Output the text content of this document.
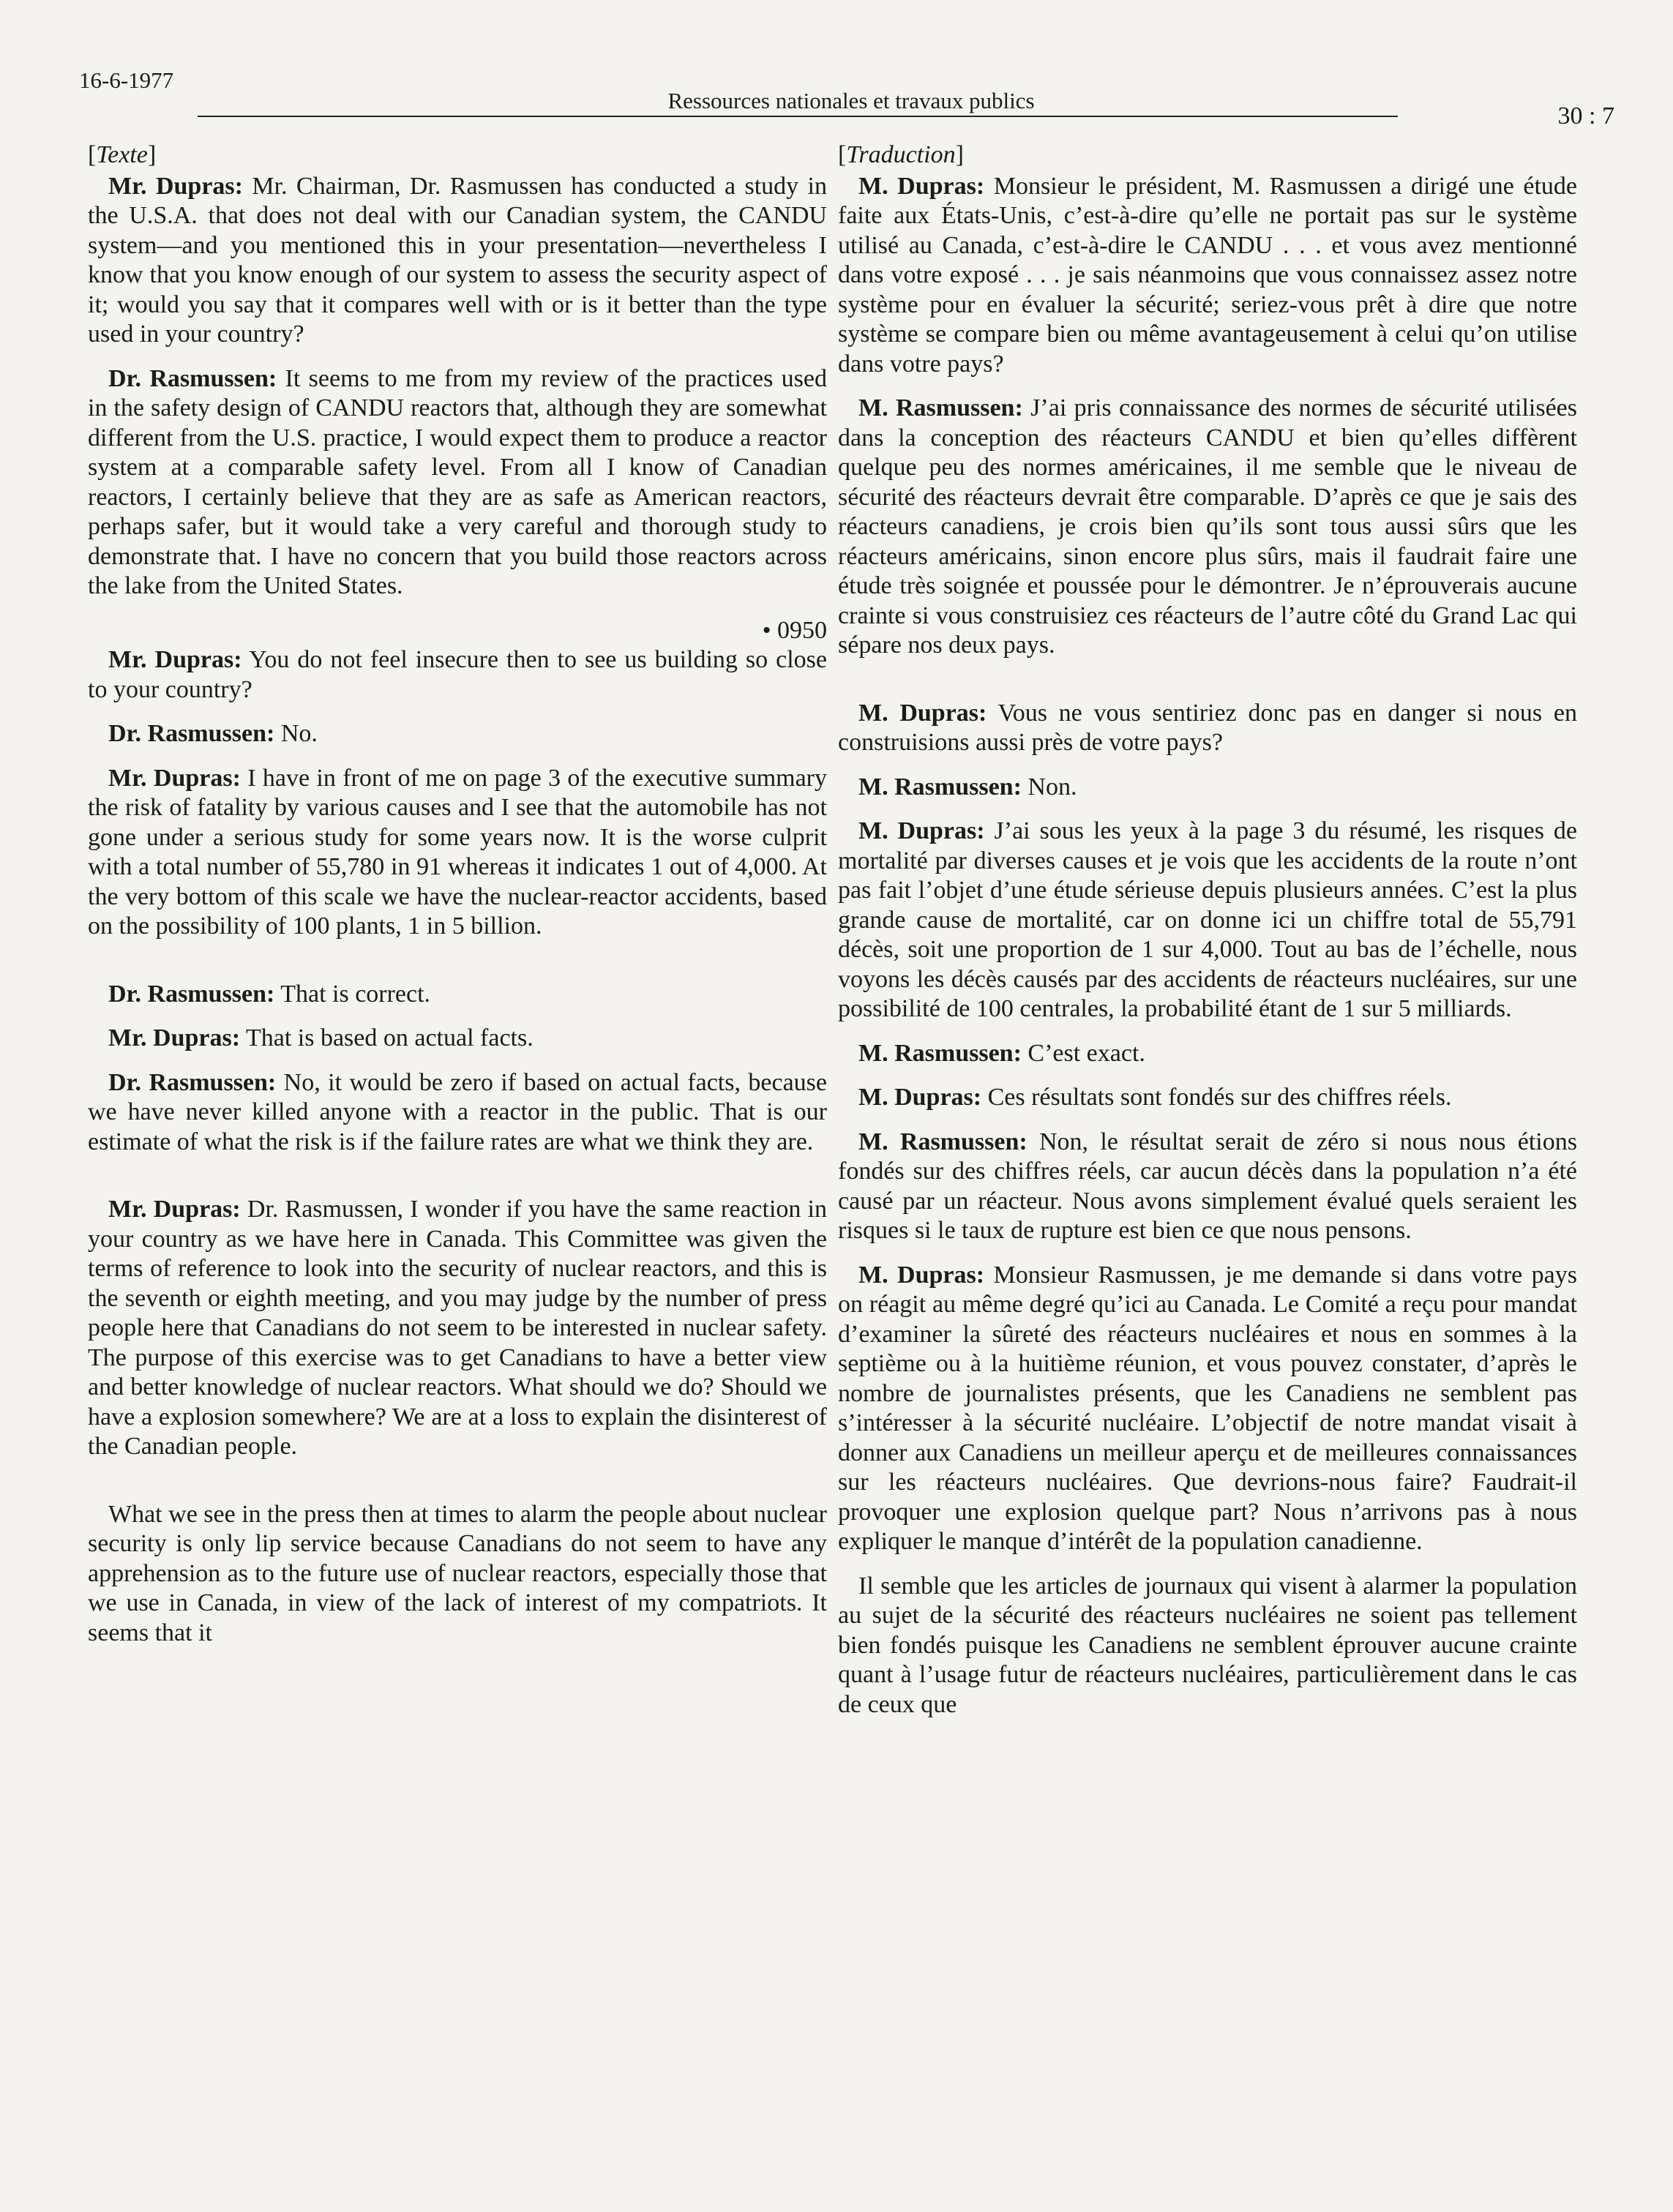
16-6-1977
Ressources nationales et travaux publics
30 : 7

[Texte]

Mr. Dupras: Mr. Chairman, Dr. Rasmussen has conducted a study in the U.S.A. that does not deal with our Canadian system, the CANDU system—and you mentioned this in your presentation—nevertheless I know that you know enough of our system to assess the security aspect of it; would you say that it compares well with or is it better than the type used in your country?

Dr. Rasmussen: It seems to me from my review of the practices used in the safety design of CANDU reactors that, although they are somewhat different from the U.S. practice, I would expect them to produce a reactor system at a comparable safety level. From all I know of Canadian reactors, I certainly believe that they are as safe as American reactors, perhaps safer, but it would take a very careful and thorough study to demonstrate that. I have no concern that you build those reactors across the lake from the United States.

• 0950

Mr. Dupras: You do not feel insecure then to see us building so close to your country?

Dr. Rasmussen: No.

Mr. Dupras: I have in front of me on page 3 of the executive summary the risk of fatality by various causes and I see that the automobile has not gone under a serious study for some years now. It is the worse culprit with a total number of 55,780 in 91 whereas it indicates 1 out of 4,000. At the very bottom of this scale we have the nuclear-reactor accidents, based on the possibility of 100 plants, 1 in 5 billion.

Dr. Rasmussen: That is correct.

Mr. Dupras: That is based on actual facts.

Dr. Rasmussen: No, it would be zero if based on actual facts, because we have never killed anyone with a reactor in the public. That is our estimate of what the risk is if the failure rates are what we think they are.

Mr. Dupras: Dr. Rasmussen, I wonder if you have the same reaction in your country as we have here in Canada. This Committee was given the terms of reference to look into the security of nuclear reactors, and this is the seventh or eighth meeting, and you may judge by the number of press people here that Canadians do not seem to be interested in nuclear safety. The purpose of this exercise was to get Canadians to have a better view and better knowledge of nuclear reactors. What should we do? Should we have a explosion somewhere? We are at a loss to explain the disinterest of the Canadian people.

What we see in the press then at times to alarm the people about nuclear security is only lip service because Canadians do not seem to have any apprehension as to the future use of nuclear reactors, especially those that we use in Canada, in view of the lack of interest of my compatriots. It seems that it

[Traduction]

M. Dupras: Monsieur le président, M. Rasmussen a dirigé une étude faite aux États-Unis, c’est-à-dire qu’elle ne portait pas sur le système utilisé au Canada, c’est-à-dire le CANDU . . . et vous avez mentionné dans votre exposé . . . je sais néanmoins que vous connaissez assez notre système pour en évaluer la sécurité; seriez-vous prêt à dire que notre système se compare bien ou même avantageusement à celui qu’on utilise dans votre pays?

M. Rasmussen: J’ai pris connaissance des normes de sécurité utilisées dans la conception des réacteurs CANDU et bien qu’elles diffèrent quelque peu des normes américaines, il me semble que le niveau de sécurité des réacteurs devrait être comparable. D’après ce que je sais des réacteurs canadiens, je crois bien qu’ils sont tous aussi sûrs que les réacteurs américains, sinon encore plus sûrs, mais il faudrait faire une étude très soignée et poussée pour le démontrer. Je n’éprouverais aucune crainte si vous construisiez ces réacteurs de l’autre côté du Grand Lac qui sépare nos deux pays.

M. Dupras: Vous ne vous sentiriez donc pas en danger si nous en construisions aussi près de votre pays?

M. Rasmussen: Non.

M. Dupras: J’ai sous les yeux à la page 3 du résumé, les risques de mortalité par diverses causes et je vois que les accidents de la route n’ont pas fait l’objet d’une étude sérieuse depuis plusieurs années. C’est la plus grande cause de mortalité, car on donne ici un chiffre total de 55,791 décès, soit une proportion de 1 sur 4,000. Tout au bas de l’échelle, nous voyons les décès causés par des accidents de réacteurs nucléaires, sur une possibilité de 100 centrales, la probabilité étant de 1 sur 5 milliards.

M. Rasmussen: C’est exact.

M. Dupras: Ces résultats sont fondés sur des chiffres réels.

M. Rasmussen: Non, le résultat serait de zéro si nous nous étions fondés sur des chiffres réels, car aucun décès dans la population n’a été causé par un réacteur. Nous avons simplement évalué quels seraient les risques si le taux de rupture est bien ce que nous pensons.

M. Dupras: Monsieur Rasmussen, je me demande si dans votre pays on réagit au même degré qu’ici au Canada. Le Comité a reçu pour mandat d’examiner la sûreté des réacteurs nucléaires et nous en sommes à la septième ou à la huitième réunion, et vous pouvez constater, d’après le nombre de journalistes présents, que les Canadiens ne semblent pas s’intéresser à la sécurité nucléaire. L’objectif de notre mandat visait à donner aux Canadiens un meilleur aperçu et de meilleures connaissances sur les réacteurs nucléaires. Que devrions-nous faire? Faudrait-il provoquer une explosion quelque part? Nous n’arrivons pas à nous expliquer le manque d’intérêt de la population canadienne.

Il semble que les articles de journaux qui visent à alarmer la population au sujet de la sécurité des réacteurs nucléaires ne soient pas tellement bien fondés puisque les Canadiens ne semblent éprouver aucune crainte quant à l’usage futur de réacteurs nucléaires, particulièrement dans le cas de ceux que
